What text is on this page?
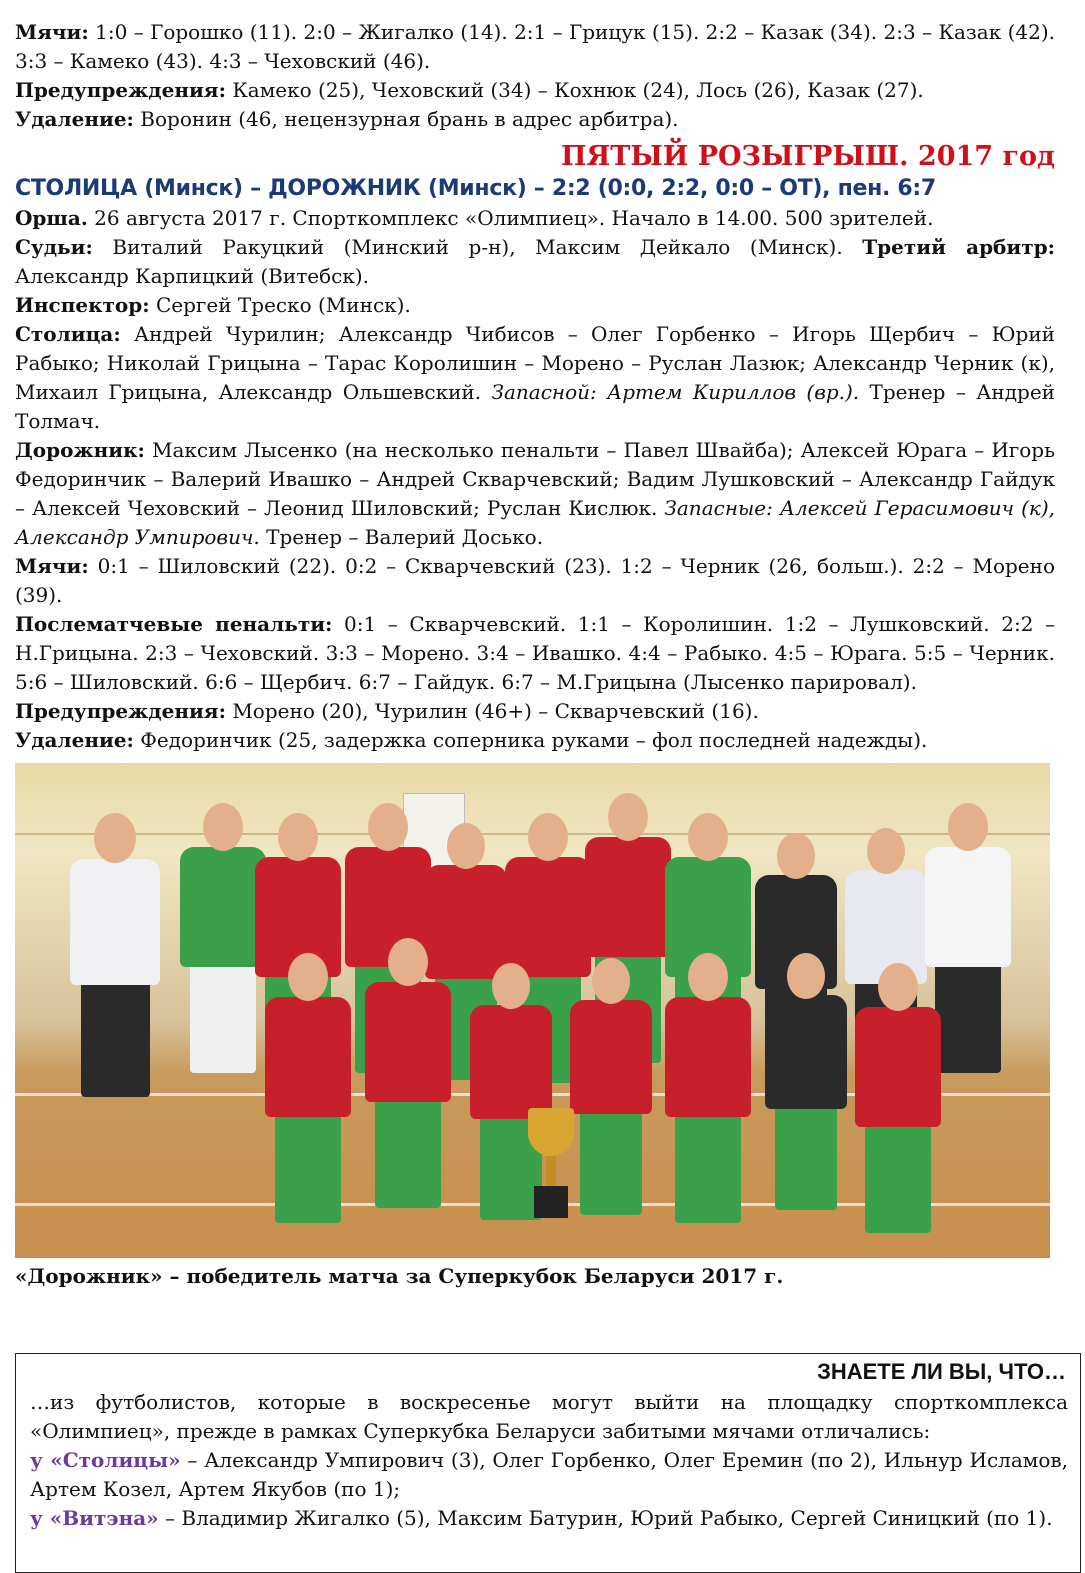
Мячи: 1:0 – Горошко (11). 2:0 – Жигалко (14). 2:1 – Грицук (15). 2:2 – Казак (34). 2:3 – Казак (42). 3:3 – Камеко (43). 4:3 – Чеховский (46).

Предупреждения: Камеко (25), Чеховский (34) – Кохнюк (24), Лось (26), Казак (27).

Удаление: Воронин (46, нецензурная брань в адрес арбитра).

ПЯТЫЙ РОЗЫГРЫШ. 2017 год
СТОЛИЦА (Минск) – ДОРОЖНИК (Минск) – 2:2 (0:0, 2:2, 0:0 – ОТ), пен. 6:7

Орша. 26 августа 2017 г. Спорткомплекс «Олимпиец». Начало в 14.00. 500 зрителей.

Судьи: Виталий Ракуцкий (Минский р-н), Максим Дейкало (Минск). Третий арбитр: Александр Карпицкий (Витебск).

Инспектор: Сергей Треско (Минск).

Столица: Андрей Чурилин; Александр Чибисов – Олег Горбенко – Игорь Щербич – Юрий Рабыко; Николай Грицына – Тарас Королишин – Морено – Руслан Лазюк; Александр Черник (к), Михаил Грицына, Александр Ольшевский. Запасной: Артем Кириллов (вр.). Тренер – Андрей Толмач.

Дорожник: Максим Лысенко (на несколько пенальти – Павел Швайба); Алексей Юрага – Игорь Федоринчик – Валерий Ивашко – Андрей Скварчевский; Вадим Лушковский – Александр Гайдук – Алексей Чеховский – Леонид Шиловский; Руслан Кислюк. Запасные: Алексей Герасимович (к), Александр Умпирович. Тренер – Валерий Досько.

Мячи: 0:1 – Шиловский (22). 0:2 – Скварчевский (23). 1:2 – Черник (26, больш.). 2:2 – Морено (39).

Послематчевые пенальти: 0:1 – Скварчевский. 1:1 – Королишин. 1:2 – Лушковский. 2:2 – Н.Грицына. 2:3 – Чеховский. 3:3 – Морено. 3:4 – Ивашко. 4:4 – Рабыко. 4:5 – Юрага. 5:5 – Черник. 5:6 – Шиловский. 6:6 – Щербич. 6:7 – Гайдук. 6:7 – М.Грицына (Лысенко парировал).

Предупреждения: Морено (20), Чурилин (46+) – Скварчевский (16).

Удаление: Федоринчик (25, задержка соперника руками – фол последней надежды).

«Дорожник» – победитель матча за Суперкубок Беларуси 2017 г.

ЗНАЕТЕ ЛИ ВЫ, ЧТО…

…из футболистов, которые в воскресенье могут выйти на площадку спорткомплекса «Олимпиец», прежде в рамках Суперкубка Беларуси забитыми мячами отличались:

у «Столицы» – Александр Умпирович (3), Олег Горбенко, Олег Еремин (по 2), Ильнур Исламов, Артем Козел, Артем Якубов (по 1);

у «Витэна» – Владимир Жигалко (5), Максим Батурин, Юрий Рабыко, Сергей Синицкий (по 1).
